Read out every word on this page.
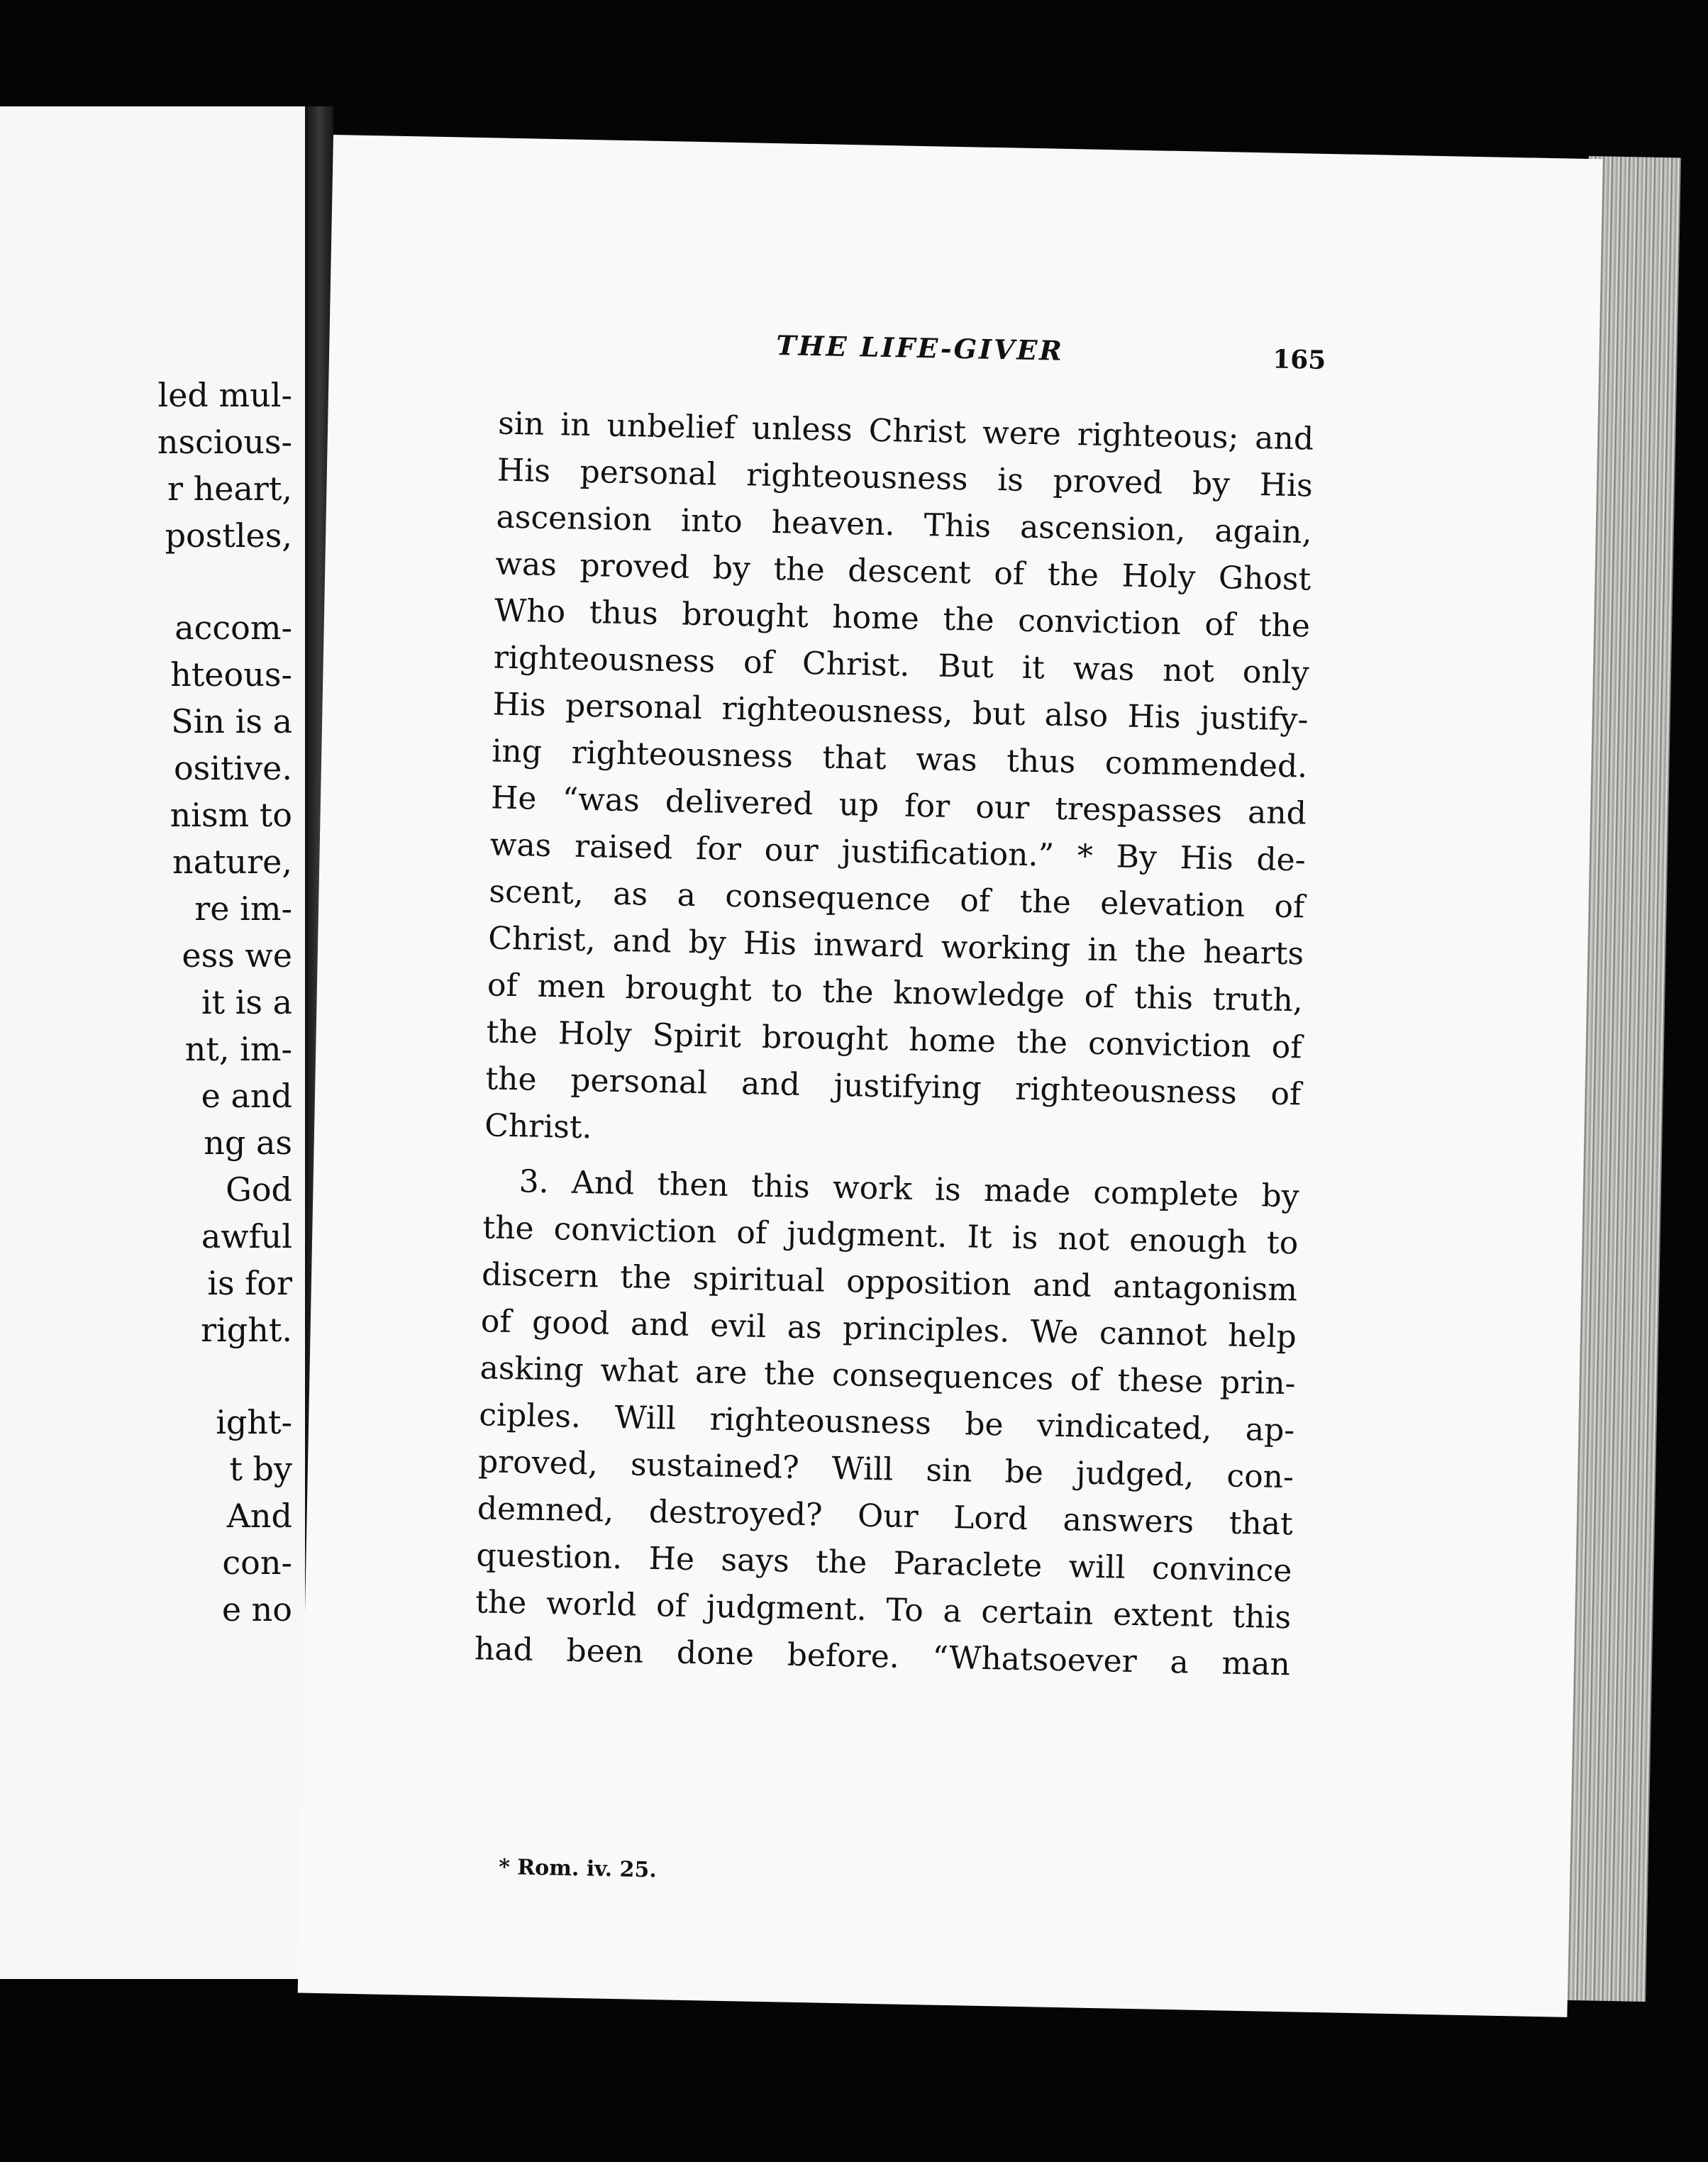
led mul-
nscious-
r heart,
postles,
accom-
hteous-
Sin is a
ositive.
nism to
nature,
re im-
ess we
it is a
nt, im-
e and
ng as
God
awful
is for
right.
ight-
t by
And
con-
e no
THE LIFE-GIVER	165
sin in unbelief unless Christ were righteous; and
His personal righteousness is proved by His
ascension into heaven. This ascension, again,
was proved by the descent of the Holy Ghost
Who thus brought home the conviction of the
righteousness of Christ. But it was not only
His personal righteousness, but also His justify-
ing righteousness that was thus commended.
He “was delivered up for our trespasses and
was raised for our justification.” * By His de-
scent, as a consequence of the elevation of
Christ, and by His inward working in the hearts
of men brought to the knowledge of this truth,
the Holy Spirit brought home the conviction of
the personal and justifying righteousness of
Christ.
3. And then this work is made complete by
the conviction of judgment. It is not enough to
discern the spiritual opposition and antagonism
of good and evil as principles. We cannot help
asking what are the consequences of these prin-
ciples. Will righteousness be vindicated, ap-
proved, sustained? Will sin be judged, con-
demned, destroyed? Our Lord answers that
question. He says the Paraclete will convince
the world of judgment. To a certain extent this
had been done before. “Whatsoever a man
* Rom. iv. 25.
